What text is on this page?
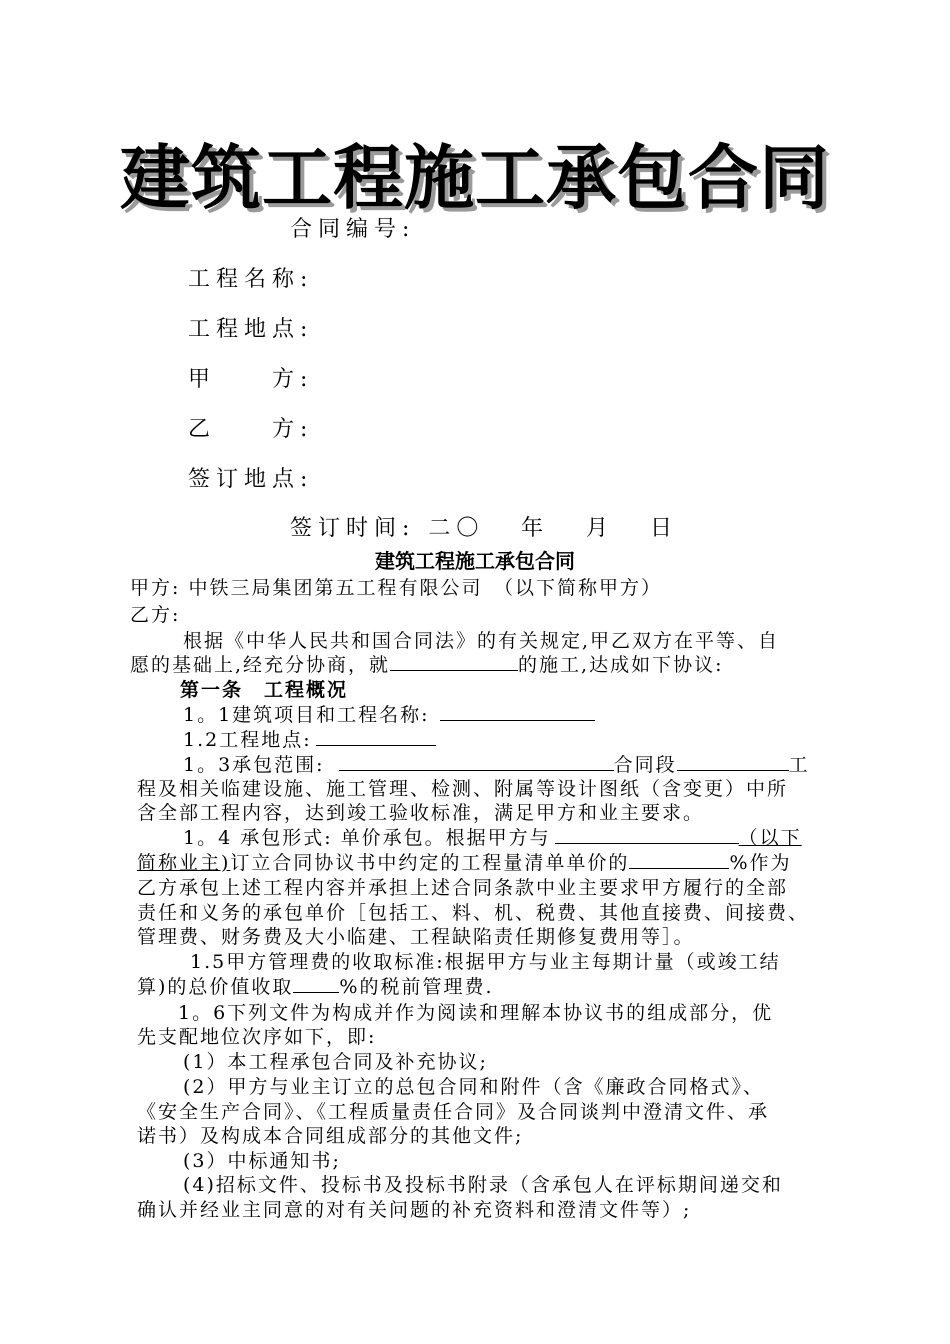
建筑工程施工承包合同
合同编号:
工程名称:
工程地点:
甲　　方:
乙　　方:
签订地点:
签订时间: 二〇 年 月 日
建筑工程施工承包合同
甲方: 中铁三局集团第五工程有限公司　（以下简称甲方）
乙方:
根据《中华人民共和国合同法》的有关规定,甲乙双方在平等、自
愿的基础上,经充分协商，就	的施工,达成如下协议:
第一条　工程概况
1。1建筑项目和工程名称:
1.2工程地点:
1。3承包范围:	合同段	工
程及相关临建设施、施工管理、检测、附属等设计图纸（含变更）中所
含全部工程内容，达到竣工验收标准，满足甲方和业主要求。
1。4 承包形式: 单价承包。根据甲方与	（以下
简称业主)订立合同协议书中约定的工程量清单单价的	%作为
乙方承包上述工程内容并承担上述合同条款中业主要求甲方履行的全部
责任和义务的承包单价［包括工、料、机、税费、其他直接费、间接费、
管理费、财务费及大小临建、工程缺陷责任期修复费用等］。
1.5甲方管理费的收取标准:根据甲方与业主每期计量（或竣工结
算)的总价值收取 %的税前管理费.
1。6下列文件为构成并作为阅读和理解本协议书的组成部分，优
先支配地位次序如下，即:
(1）本工程承包合同及补充协议;
(2）甲方与业主订立的总包合同和附件（含《廉政合同格式》、
《安全生产合同》、《工程质量责任合同》及合同谈判中澄清文件、承
诺书）及构成本合同组成部分的其他文件;
(3）中标通知书;
(4)招标文件、投标书及投标书附录（含承包人在评标期间递交和
确认并经业主同意的对有关问题的补充资料和澄清文件等）;
